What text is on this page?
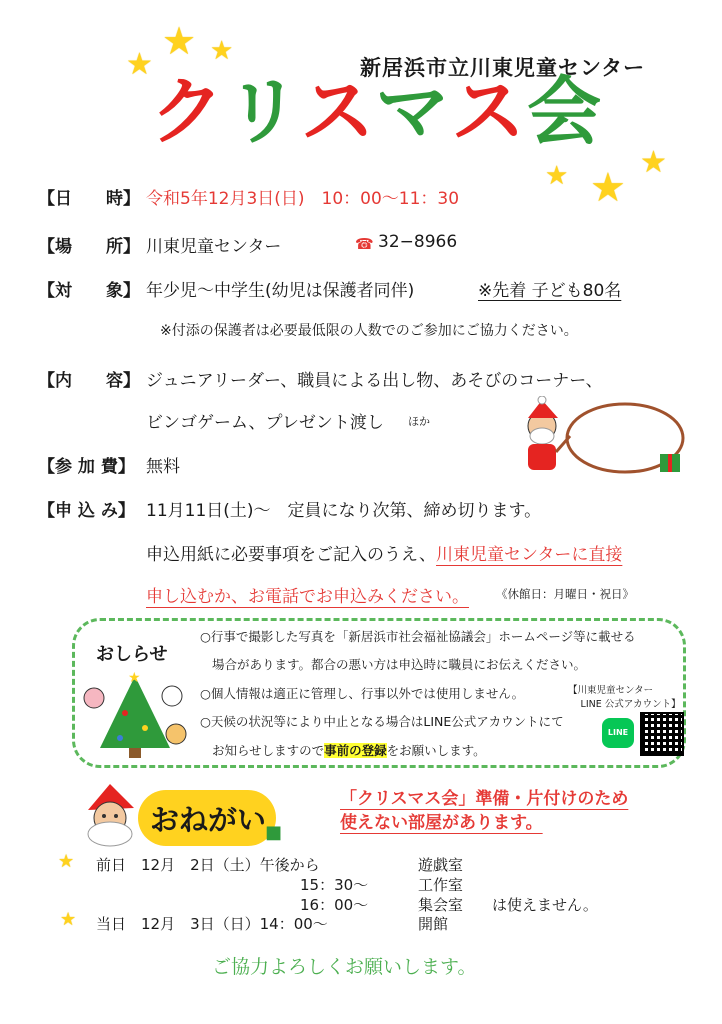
★
★ ★
★
★ ★
新居浜市立川東児童センター
クリスマス会
【日　　時】 令和5年12月3日(日)　10：00〜11：30
【場　　所】 川東児童センター	☎ 32−8966
【対　　象】 年少児〜中学生(幼児は保護者同伴)	※先着 子ども80名
※付添の保護者は必要最低限の人数でのご参加にご協力ください。
【内　　容】 ジュニアリーダー、職員による出し物、あそびのコーナー、
ビンゴゲーム、プレゼント渡し ほか
【参 加 費】 無料
【申 込 み】 11月11日(土)〜　定員になり次第、締め切ります。
申込用紙に必要事項をご記入のうえ、川東児童センターに直接
申し込むか、お電話でお申込みください。 《休館日：月曜日・祝日》
おしらせ
★
○行事で撮影した写真を「新居浜市社会福祉協議会」ホームページ等に載せる
場合があります。都合の悪い方は申込時に職員にお伝えください。
○個人情報は適正に管理し、行事以外では使用しません。
○天候の状況等により中止となる場合はLINE公式アカウントにて
お知らせしますので事前の登録をお願いします。
【川東児童センター
　 LINE 公式アカウント】
LINE
おねがい
■
「クリスマス会」準備・片付けのため
使えない部屋があります。
★ 前日　12月　2日（土）午後から	遊戯室
15：30〜	工作室
16：00〜	集会室 は使えません。
★ 当日　12月　3日（日）14：00〜	開館
ご協力よろしくお願いします。
